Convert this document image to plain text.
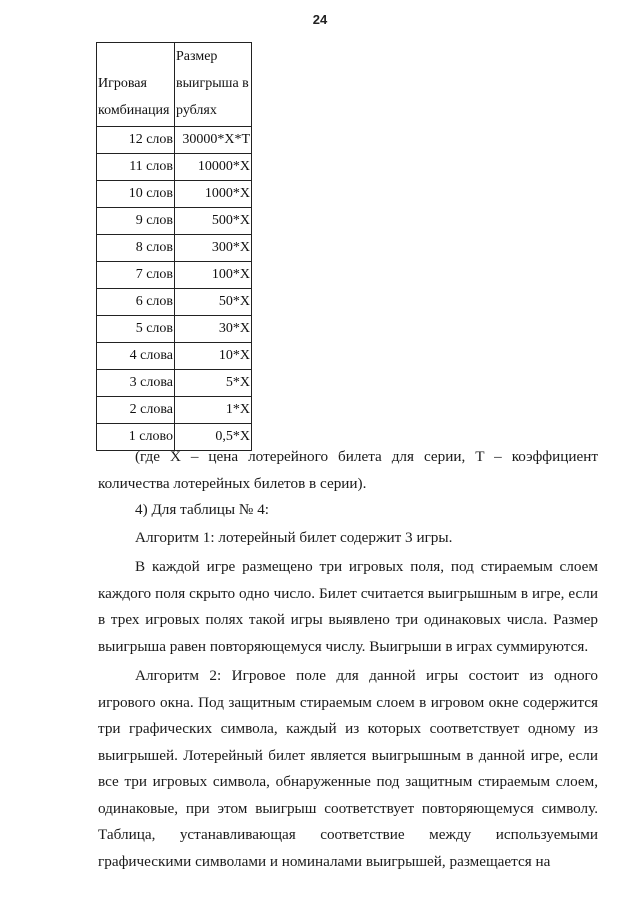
24
Игровая комбинация	Размер выигрыша в рублях
12 слов	30000*X*T
11 слов	10000*X
10 слов	1000*X
9 слов	500*X
8 слов	300*X
7 слов	100*X
6 слов	50*X
5 слов	30*X
4 слова	10*X
3 слова	5*X
2 слова	1*X
1 слово	0,5*X

(где X – цена лотерейного билета для серии, T – коэффициент количества лотерейных билетов в серии).

4) Для таблицы № 4:

Алгоритм 1: лотерейный билет содержит 3 игры.

В каждой игре размещено три игровых поля, под стираемым слоем каждого поля скрыто одно число. Билет считается выигрышным в игре, если в трех игровых полях такой игры выявлено три одинаковых числа. Размер выигрыша равен повторяющемуся числу. Выигрыши в играх суммируются.

Алгоритм 2: Игровое поле для данной игры состоит из одного игрового окна. Под защитным стираемым слоем в игровом окне содержится три графических символа, каждый из которых соответствует одному из выигрышей. Лотерейный билет является выигрышным в данной игре, если все три игровых символа, обнаруженные под защитным стираемым слоем, одинаковые, при этом выигрыш соответствует повторяющемуся символу. Таблица, устанавливающая соответствие между используемыми графическими символами и номиналами выигрышей, размещается на
